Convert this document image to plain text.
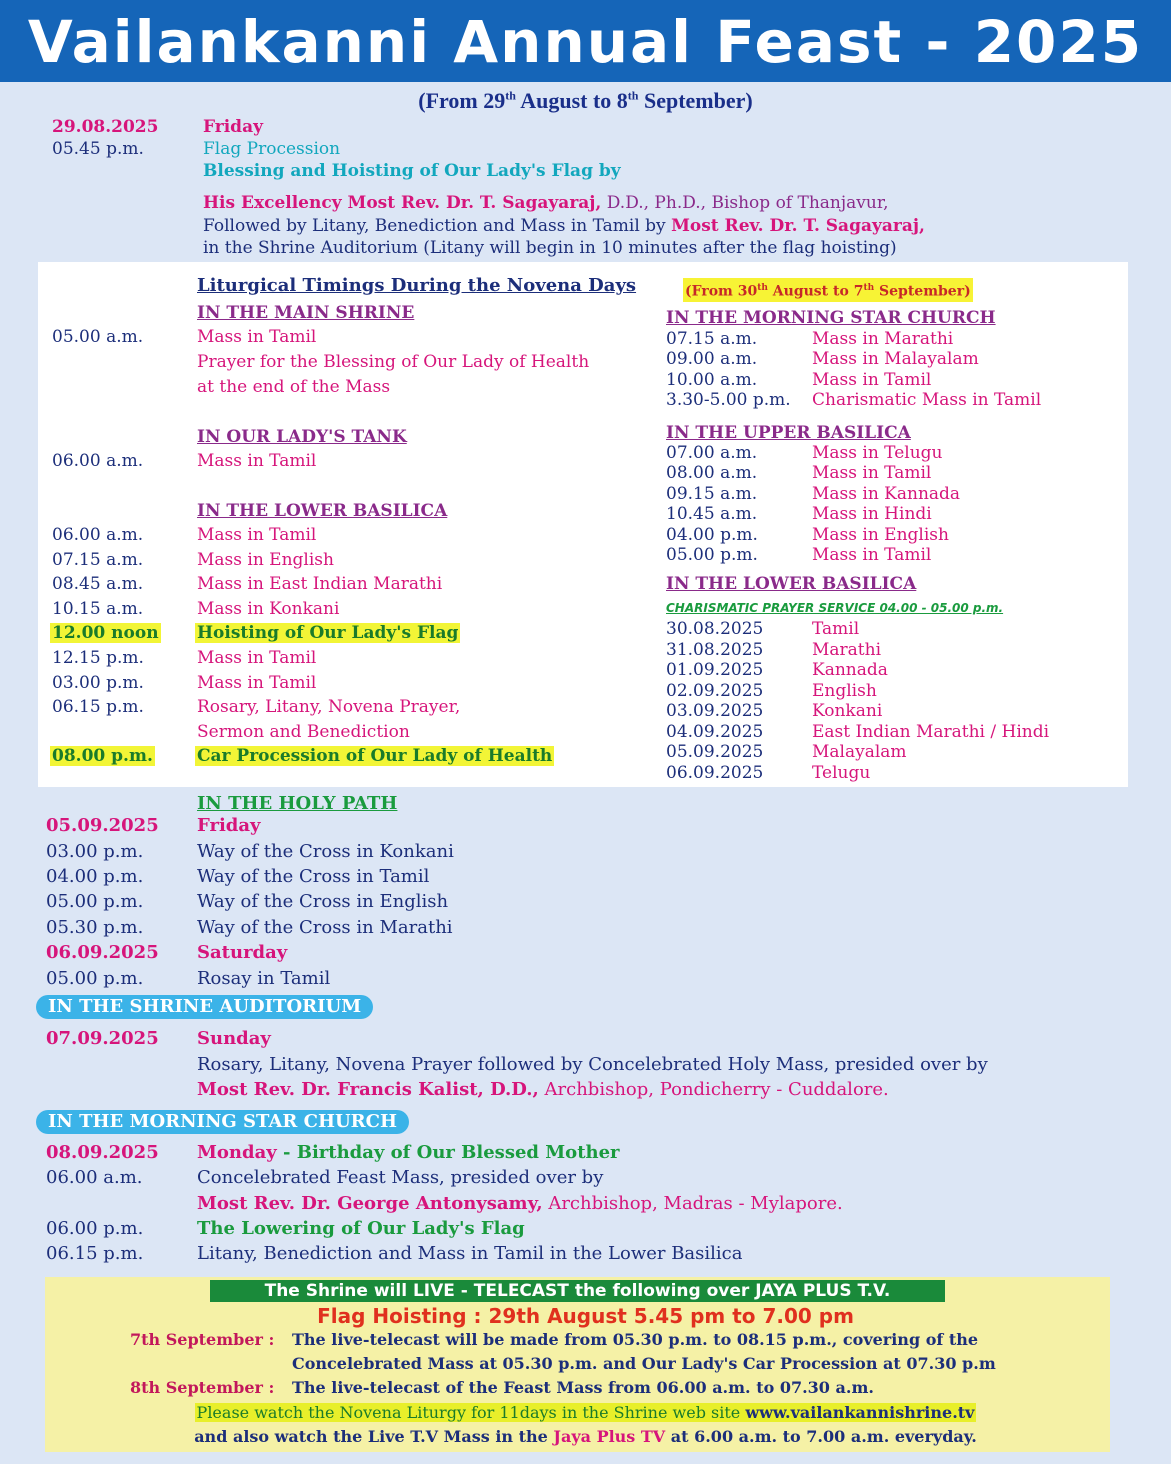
Vailankanni Annual Feast - 2025
(From 29th August to 8th September)
29.08.2025	Friday
05.45 p.m.	Flag Procession
Blessing and Hoisting of Our Lady's Flag by
His Excellency Most Rev. Dr. T. Sagayaraj, D.D., Ph.D., Bishop of Thanjavur,
Followed by Litany, Benediction and Mass in Tamil by Most Rev. Dr. T. Sagayaraj,
in the Shrine Auditorium (Litany will begin in 10 minutes after the flag hoisting)
Liturgical Timings During the Novena Days	(From 30th August to 7th September)
IN THE MAIN SHRINE
05.00 a.m.	Mass in Tamil
Prayer for the Blessing of Our Lady of Health
at the end of the Mass
IN OUR LADY'S TANK
06.00 a.m.	Mass in Tamil
IN THE LOWER BASILICA
06.00 a.m.	Mass in Tamil
07.15 a.m.	Mass in English
08.45 a.m.	Mass in East Indian Marathi
10.15 a.m.	Mass in Konkani
12.00 noon Hoisting of Our Lady's Flag
12.15 p.m.	Mass in Tamil
03.00 p.m.	Mass in Tamil
06.15 p.m.	Rosary, Litany, Novena Prayer,
Sermon and Benediction
08.00 p.m.	Car Procession of Our Lady of Health
IN THE MORNING STAR CHURCH
07.15 a.m.	Mass in Marathi
09.00 a.m.	Mass in Malayalam
10.00 a.m.	Mass in Tamil
3.30-5.00 p.m. Charismatic Mass in Tamil
IN THE UPPER BASILICA
07.00 a.m.	Mass in Telugu
08.00 a.m.	Mass in Tamil
09.15 a.m.	Mass in Kannada
10.45 a.m.	Mass in Hindi
04.00 p.m.	Mass in English
05.00 p.m.	Mass in Tamil
IN THE LOWER BASILICA
CHARISMATIC PRAYER SERVICE 04.00 - 05.00 p.m.
30.08.2025	Tamil
31.08.2025	Marathi
01.09.2025	Kannada
02.09.2025	English
03.09.2025	Konkani
04.09.2025	East Indian Marathi / Hindi
05.09.2025	Malayalam
06.09.2025	Telugu
IN THE HOLY PATH
05.09.2025 Friday
03.00 p.m.	Way of the Cross in Konkani
04.00 p.m.	Way of the Cross in Tamil
05.00 p.m.	Way of the Cross in English
05.30 p.m.	Way of the Cross in Marathi
06.09.2025 Saturday
05.00 p.m.	Rosay in Tamil
IN THE SHRINE AUDITORIUM
07.09.2025 Sunday
Rosary, Litany, Novena Prayer followed by Concelebrated Holy Mass, presided over by
Most Rev. Dr. Francis Kalist, D.D., Archbishop, Pondicherry - Cuddalore.
IN THE MORNING STAR CHURCH
08.09.2025 Monday - Birthday of Our Blessed Mother
06.00 a.m.	Concelebrated Feast Mass, presided over by
Most Rev. Dr. George Antonysamy, Archbishop, Madras - Mylapore.
06.00 p.m.	The Lowering of Our Lady's Flag
06.15 p.m.	Litany, Benediction and Mass in Tamil in the Lower Basilica
The Shrine will LIVE - TELECAST the following over JAYA PLUS T.V.
Flag Hoisting : 29th August 5.45 pm to 7.00 pm
7th September : The live-telecast will be made from 05.30 p.m. to 08.15 p.m., covering of the
Concelebrated Mass at 05.30 p.m. and Our Lady's Car Procession at 07.30 p.m
8th September : The live-telecast of the Feast Mass from 06.00 a.m. to 07.30 a.m.
Please watch the Novena Liturgy for 11days in the Shrine web site www.vailankannishrine.tv
and also watch the Live T.V Mass in the Jaya Plus TV at 6.00 a.m. to 7.00 a.m. everyday.
